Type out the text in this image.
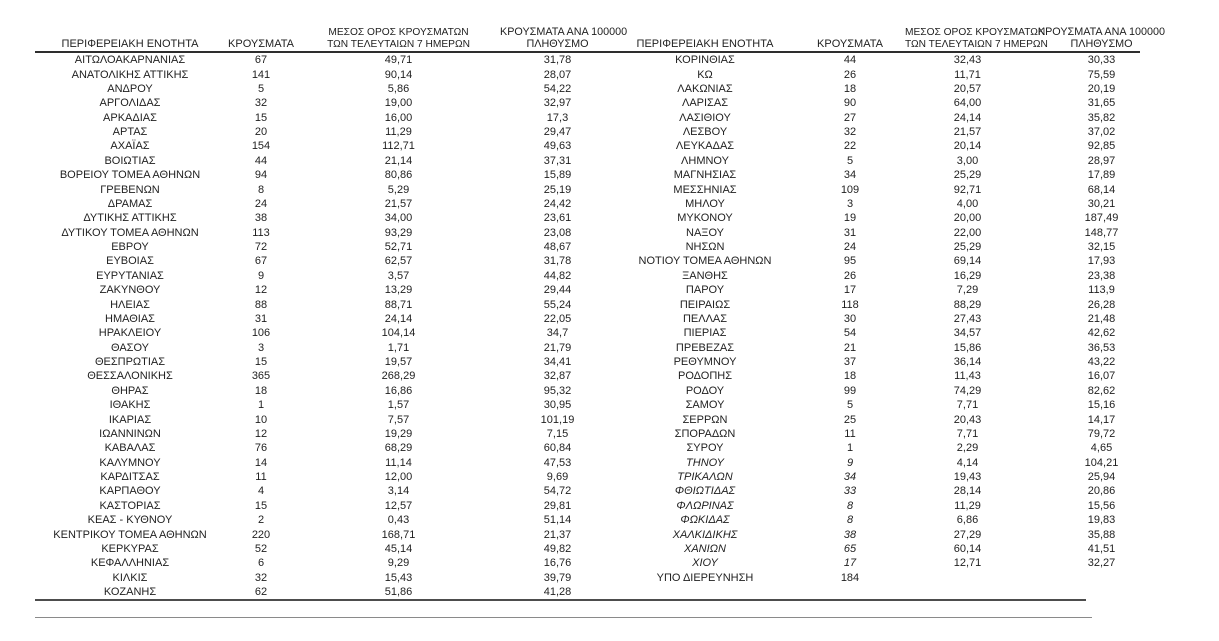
ΠΕΡΙΦΕΡΕΙΑΚΗ ΕΝΟΤΗΤΑ	ΚΡΟΥΣΜΑΤΑ	ΜΕΣΟΣ ΟΡΟΣ ΚΡΟΥΣΜΑΤΩΝ
ΤΩΝ ΤΕΛΕΥΤΑΙΩΝ 7 ΗΜΕΡΩΝ	ΚΡΟΥΣΜΑΤΑ ΑΝΑ 100000
ΠΛΗΘΥΣΜΟ
ΑΙΤΩΛΟΑΚΑΡΝΑΝΙΑΣ	67	49,71	31,78
ΑΝΑΤΟΛΙΚΗΣ ΑΤΤΙΚΗΣ	141	90,14	28,07
ΑΝΔΡΟΥ	5	5,86	54,22
ΑΡΓΟΛΙΔΑΣ	32	19,00	32,97
ΑΡΚΑΔΙΑΣ	15	16,00	17,3
ΑΡΤΑΣ	20	11,29	29,47
ΑΧΑΪΑΣ	154	112,71	49,63
ΒΟΙΩΤΙΑΣ	44	21,14	37,31
ΒΟΡΕΙΟΥ ΤΟΜΕΑ ΑΘΗΝΩΝ	94	80,86	15,89
ΓΡΕΒΕΝΩΝ	8	5,29	25,19
ΔΡΑΜΑΣ	24	21,57	24,42
ΔΥΤΙΚΗΣ ΑΤΤΙΚΗΣ	38	34,00	23,61
ΔΥΤΙΚΟΥ ΤΟΜΕΑ ΑΘΗΝΩΝ	113	93,29	23,08
ΕΒΡΟΥ	72	52,71	48,67
ΕΥΒΟΙΑΣ	67	62,57	31,78
ΕΥΡΥΤΑΝΙΑΣ	9	3,57	44,82
ΖΑΚΥΝΘΟΥ	12	13,29	29,44
ΗΛΕΙΑΣ	88	88,71	55,24
ΗΜΑΘΙΑΣ	31	24,14	22,05
ΗΡΑΚΛΕΙΟΥ	106	104,14	34,7
ΘΑΣΟΥ	3	1,71	21,79
ΘΕΣΠΡΩΤΙΑΣ	15	19,57	34,41
ΘΕΣΣΑΛΟΝΙΚΗΣ	365	268,29	32,87
ΘΗΡΑΣ	18	16,86	95,32
ΙΘΑΚΗΣ	1	1,57	30,95
ΙΚΑΡΙΑΣ	10	7,57	101,19
ΙΩΑΝΝΙΝΩΝ	12	19,29	7,15
ΚΑΒΑΛΑΣ	76	68,29	60,84
ΚΑΛΥΜΝΟΥ	14	11,14	47,53
ΚΑΡΔΙΤΣΑΣ	11	12,00	9,69
ΚΑΡΠΑΘΟΥ	4	3,14	54,72
ΚΑΣΤΟΡΙΑΣ	15	12,57	29,81
ΚΕΑΣ - ΚΥΘΝΟΥ	2	0,43	51,14
ΚΕΝΤΡΙΚΟΥ ΤΟΜΕΑ ΑΘΗΝΩΝ	220	168,71	21,37
ΚΕΡΚΥΡΑΣ	52	45,14	49,82
ΚΕΦΑΛΛΗΝΙΑΣ	6	9,29	16,76
ΚΙΛΚΙΣ	32	15,43	39,79
ΚΟΖΑΝΗΣ	62	51,86	41,28
ΠΕΡΙΦΕΡΕΙΑΚΗ ΕΝΟΤΗΤΑ	ΚΡΟΥΣΜΑΤΑ	ΜΕΣΟΣ ΟΡΟΣ ΚΡΟΥΣΜΑΤΩΝ
ΤΩΝ ΤΕΛΕΥΤΑΙΩΝ 7 ΗΜΕΡΩΝ	ΚΡΟΥΣΜΑΤΑ ΑΝΑ 100000
ΠΛΗΘΥΣΜΟ
ΚΟΡΙΝΘΙΑΣ	44	32,43	30,33
ΚΩ	26	11,71	75,59
ΛΑΚΩΝΙΑΣ	18	20,57	20,19
ΛΑΡΙΣΑΣ	90	64,00	31,65
ΛΑΣΙΘΙΟΥ	27	24,14	35,82
ΛΕΣΒΟΥ	32	21,57	37,02
ΛΕΥΚΑΔΑΣ	22	20,14	92,85
ΛΗΜΝΟΥ	5	3,00	28,97
ΜΑΓΝΗΣΙΑΣ	34	25,29	17,89
ΜΕΣΣΗΝΙΑΣ	109	92,71	68,14
ΜΗΛΟΥ	3	4,00	30,21
ΜΥΚΟΝΟΥ	19	20,00	187,49
ΝΑΞΟΥ	31	22,00	148,77
ΝΗΣΩΝ	24	25,29	32,15
ΝΟΤΙΟΥ ΤΟΜΕΑ ΑΘΗΝΩΝ	95	69,14	17,93
ΞΑΝΘΗΣ	26	16,29	23,38
ΠΑΡΟΥ	17	7,29	113,9
ΠΕΙΡΑΙΩΣ	118	88,29	26,28
ΠΕΛΛΑΣ	30	27,43	21,48
ΠΙΕΡΙΑΣ	54	34,57	42,62
ΠΡΕΒΕΖΑΣ	21	15,86	36,53
ΡΕΘΥΜΝΟΥ	37	36,14	43,22
ΡΟΔΟΠΗΣ	18	11,43	16,07
ΡΟΔΟΥ	99	74,29	82,62
ΣΑΜΟΥ	5	7,71	15,16
ΣΕΡΡΩΝ	25	20,43	14,17
ΣΠΟΡΑΔΩΝ	11	7,71	79,72
ΣΥΡΟΥ	1	2,29	4,65
ΤΗΝΟΥ	9	4,14	104,21
ΤΡΙΚΑΛΩΝ	34	19,43	25,94
ΦΘΙΩΤΙΔΑΣ	33	28,14	20,86
ΦΛΩΡΙΝΑΣ	8	11,29	15,56
ΦΩΚΙΔΑΣ	8	6,86	19,83
ΧΑΛΚΙΔΙΚΗΣ	38	27,29	35,88
ΧΑΝΙΩΝ	65	60,14	41,51
ΧΙΟΥ	17	12,71	32,27
ΥΠΟ ΔΙΕΡΕΥΝΗΣΗ	184		
